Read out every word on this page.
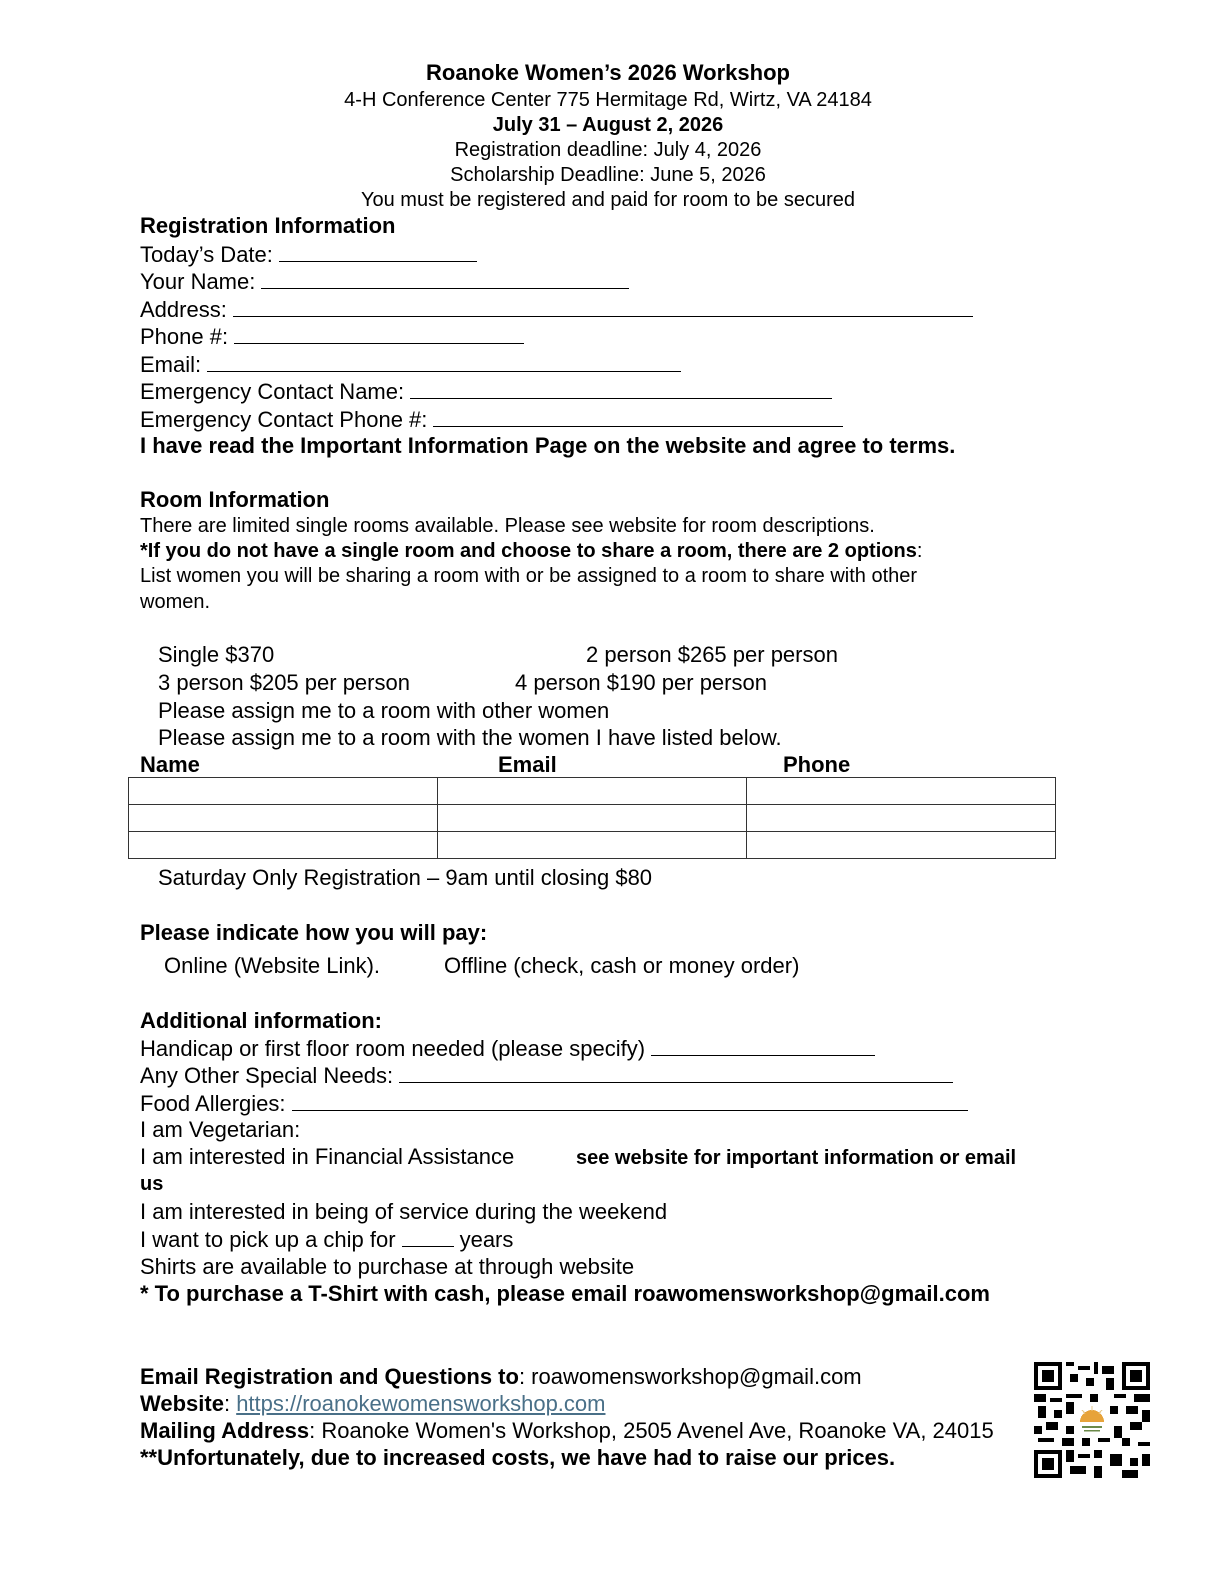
Roanoke Women’s 2026 Workshop
4-H Conference Center 775 Hermitage Rd, Wirtz, VA 24184
July 31 – August 2, 2026
Registration deadline: July 4, 2026
Scholarship Deadline: June 5, 2026
You must be registered and paid for room to be secured
Registration Information
Today’s Date:
Your Name:
Address:
Phone #:
Email:
Emergency Contact Name:
Emergency Contact Phone #:
I have read the Important Information Page on the website and agree to terms.
Room Information
There are limited single rooms available. Please see website for room descriptions.
*If you do not have a single room and choose to share a room, there are 2 options:
List women you will be sharing a room with or be assigned to a room to share with other
women.
Single $370	2 person $265 per person
3 person $205 per person	4 person $190 per person
Please assign me to a room with other women
Please assign me to a room with the women I have listed below.
Name	Email	Phone

Saturday Only Registration – 9am until closing $80
Please indicate how you will pay:
Online (Website Link).	Offline (check, cash or money order)
Additional information:
Handicap or first floor room needed (please specify)
Any Other Special Needs:
Food Allergies:
I am Vegetarian:
I am interested in Financial Assistance	see website for important information or email
us
I am interested in being of service during the weekend
I want to pick up a chip for	years
Shirts are available to purchase at through website
* To purchase a T-Shirt with cash, please email roawomensworkshop@gmail.com
Email Registration and Questions to: roawomensworkshop@gmail.com
Website: https://roanokewomensworkshop.com
Mailing Address: Roanoke Women's Workshop, 2505 Avenel Ave, Roanoke VA, 24015
**Unfortunately, due to increased costs, we have had to raise our prices.
